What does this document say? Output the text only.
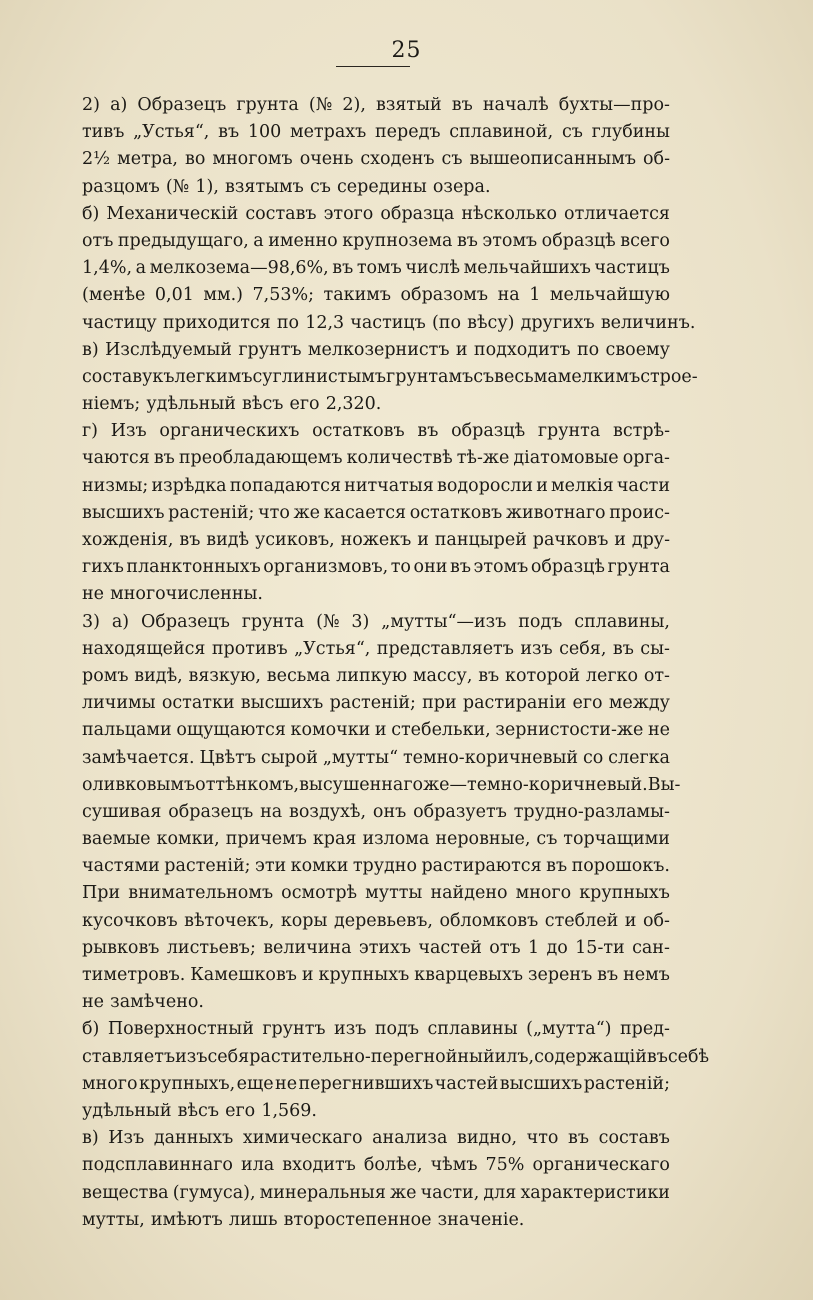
25
2) а) Образецъ грунта (№ 2), взятый въ началѣ бухты—про-
тивъ „Устья“, въ 100 метрахъ передъ сплавиной, съ глубины
2½ метра, во многомъ очень сходенъ съ вышеописаннымъ об-
разцомъ (№ 1), взятымъ съ середины озера.
б) Механическій составъ этого образца нѣсколько отличается
отъ предыдущаго, а именно крупнозема въ этомъ образцѣ всего
1,4%, а мелкозема—98,6%, въ томъ числѣ мельчайшихъ частицъ
(менѣе 0,01 мм.) 7,53%; такимъ образомъ на 1 мельчайшую
частицу приходится по 12,3 частицъ (по вѣсу) другихъ величинъ.
в) Изслѣдуемый грунтъ мелкозернистъ и подходитъ по своему
составу къ легкимъ суглинистымъ грунтамъ съ весьма мелкимъ строе-
ніемъ; удѣльный вѣсъ его 2,320.
г) Изъ органическихъ остатковъ въ образцѣ грунта встрѣ-
чаются въ преобладающемъ количествѣ тѣ-же діатомовые орга-
низмы; изрѣдка попадаются нитчатыя водоросли и мелкія части
высшихъ растеній; что же касается остатковъ животнаго проис-
хожденія, въ видѣ усиковъ, ножекъ и панцырей рачковъ и дру-
гихъ планктонныхъ организмовъ, то они въ этомъ образцѣ грунта
не многочисленны.
3) а) Образецъ грунта (№ 3) „мутты“—изъ подъ сплавины,
находящейся противъ „Устья“, представляетъ изъ себя, въ сы-
ромъ видѣ, вязкую, весьма липкую массу, въ которой легко от-
личимы остатки высшихъ растеній; при растираніи его между
пальцами ощущаются комочки и стебельки, зернистости-же не
замѣчается. Цвѣтъ сырой „мутты“ темно-коричневый со слегка
оливковымъ оттѣнкомъ, высушеннаго же—темно-коричневый. Вы-
сушивая образецъ на воздухѣ, онъ образуетъ трудно-разламы-
ваемые комки, причемъ края излома неровные, съ торчащими
частями растеній; эти комки трудно растираются въ порошокъ.
При внимательномъ осмотрѣ мутты найдено много крупныхъ
кусочковъ вѣточекъ, коры деревьевъ, обломковъ стеблей и об-
рывковъ листьевъ; величина этихъ частей отъ 1 до 15-ти сан-
тиметровъ. Камешковъ и крупныхъ кварцевыхъ зеренъ въ немъ
не замѣчено.
б) Поверхностный грунтъ изъ подъ сплавины („мутта“) пред-
ставляетъ изъ себя растительно-перегнойный илъ, содержащій въ себѣ
много крупныхъ, еще не перегнившихъ частей высшихъ растеній;
удѣльный вѣсъ его 1,569.
в) Изъ данныхъ химическаго анализа видно, что въ составъ
подсплавиннаго ила входитъ болѣе, чѣмъ 75% органическаго
вещества (гумуса), минеральныя же части, для характеристики
мутты, имѣютъ лишь второстепенное значеніе.
